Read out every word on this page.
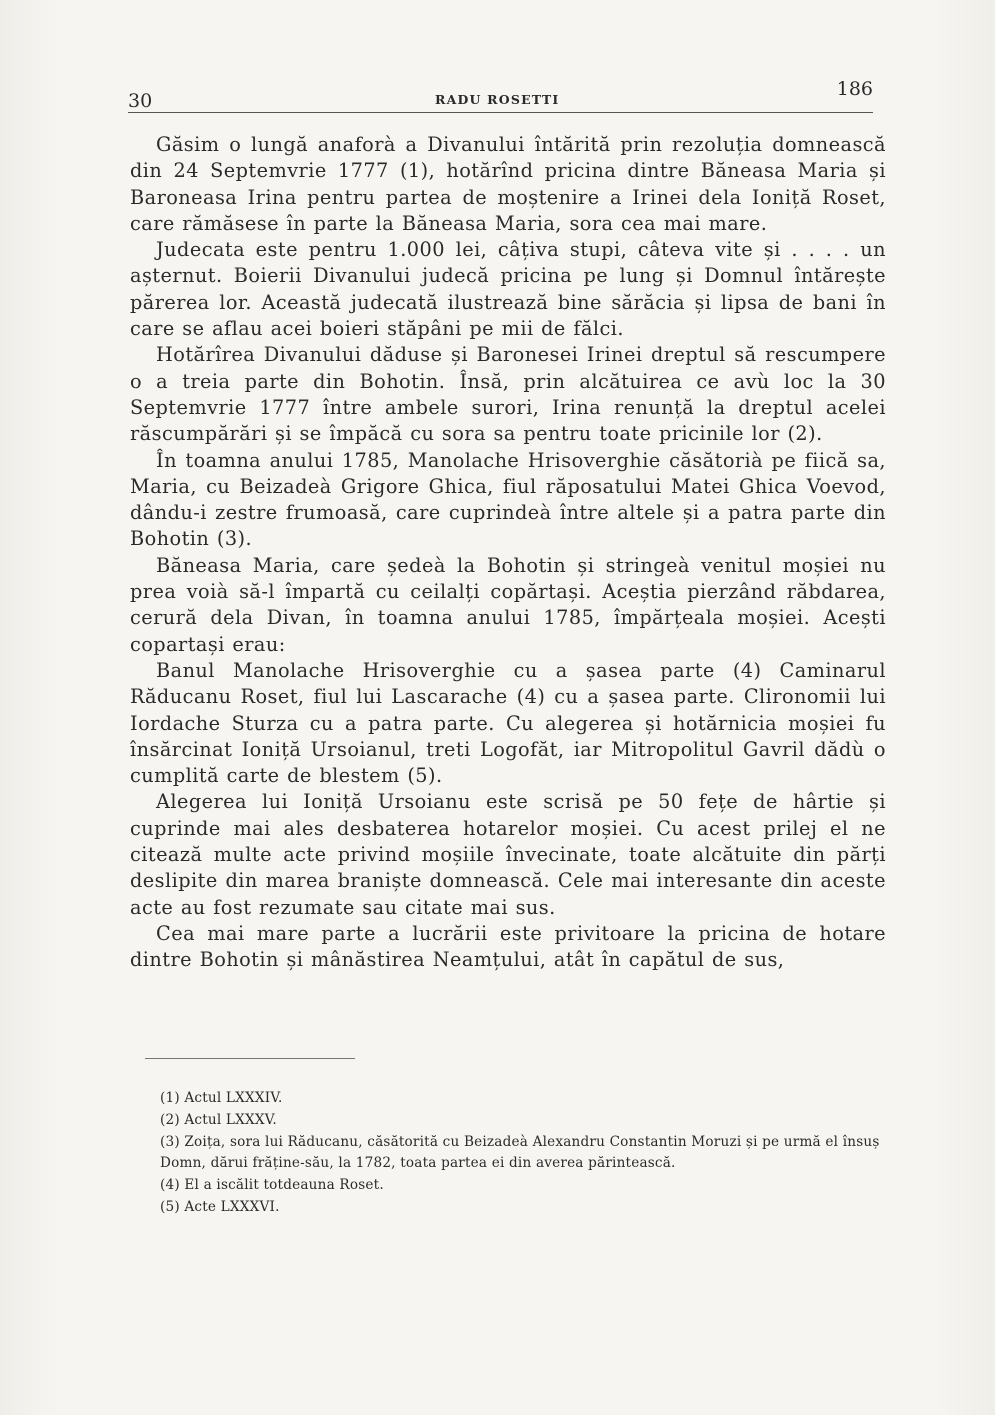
30	RADU ROSETTI	186

Găsim o lungă anaforà a Divanului întărită prin rezoluția domnească din 24 Septemvrie 1777 (1), hotărînd pricina dintre Băneasa Maria și Baroneasa Irina pentru partea de moștenire a Irinei dela Ioniță Roset, care rămăsese în parte la Băneasa Maria, sora cea mai mare.

Judecata este pentru 1.000 lei, câțiva stupi, câteva vite și . . . . un așternut. Boierii Divanului judecă pricina pe lung și Domnul întărește părerea lor. Această judecată ilustrează bine sărăcia și lipsa de bani în care se aflau acei boieri stăpâni pe mii de fălci.

Hotărîrea Divanului dăduse și Baronesei Irinei dreptul să rescumpere o a treia parte din Bohotin. Însă, prin alcătuirea ce avù loc la 30 Septemvrie 1777 între ambele surori, Irina renunță la dreptul acelei răscumpărări și se împăcă cu sora sa pentru toate pricinile lor (2).

În toamna anului 1785, Manolache Hrisoverghie căsătorià pe fiică sa, Maria, cu Beizadeà Grigore Ghica, fiul răposatului Matei Ghica Voevod, dându-i zestre frumoasă, care cuprindeà între altele și a patra parte din Bohotin (3).

Băneasa Maria, care ședeà la Bohotin și stringeà venitul moșiei nu prea voià să-l împartă cu ceilalți copărtași. Aceștia pierzând răbdarea, cerură dela Divan, în toamna anului 1785, împărțeala moșiei. Acești copartași erau:

Banul Manolache Hrisoverghie cu a șasea parte (4) Caminarul Răducanu Roset, fiul lui Lascarache (4) cu a șasea parte. Clironomii lui Iordache Sturza cu a patra parte. Cu alegerea și hotărnicia moșiei fu însărcinat Ioniță Ursoianul, treti Logofăt, iar Mitropolitul Gavril dădù o cumplită carte de blestem (5).

Alegerea lui Ioniță Ursoianu este scrisă pe 50 fețe de hârtie și cuprinde mai ales desbaterea hotarelor moșiei. Cu acest prilej el ne citează multe acte privind moșiile învecinate, toate alcătuite din părți deslipite din marea braniște domnească. Cele mai interesante din aceste acte au fost rezumate sau citate mai sus.

Cea mai mare parte a lucrării este privitoare la pricina de hotare dintre Bohotin și mânăstirea Neamțului, atât în capătul de sus,

(1) Actul LXXXIV.

(2) Actul LXXXV.

(3) Zoița, sora lui Răducanu, căsătorită cu Beizadeà Alexandru Constantin Moruzi și pe urmă el însuș Domn, dărui frăține-său, la 1782, toata partea ei din averea părintească.

(4) El a iscălit totdeauna Roset.

(5) Acte LXXXVI.
